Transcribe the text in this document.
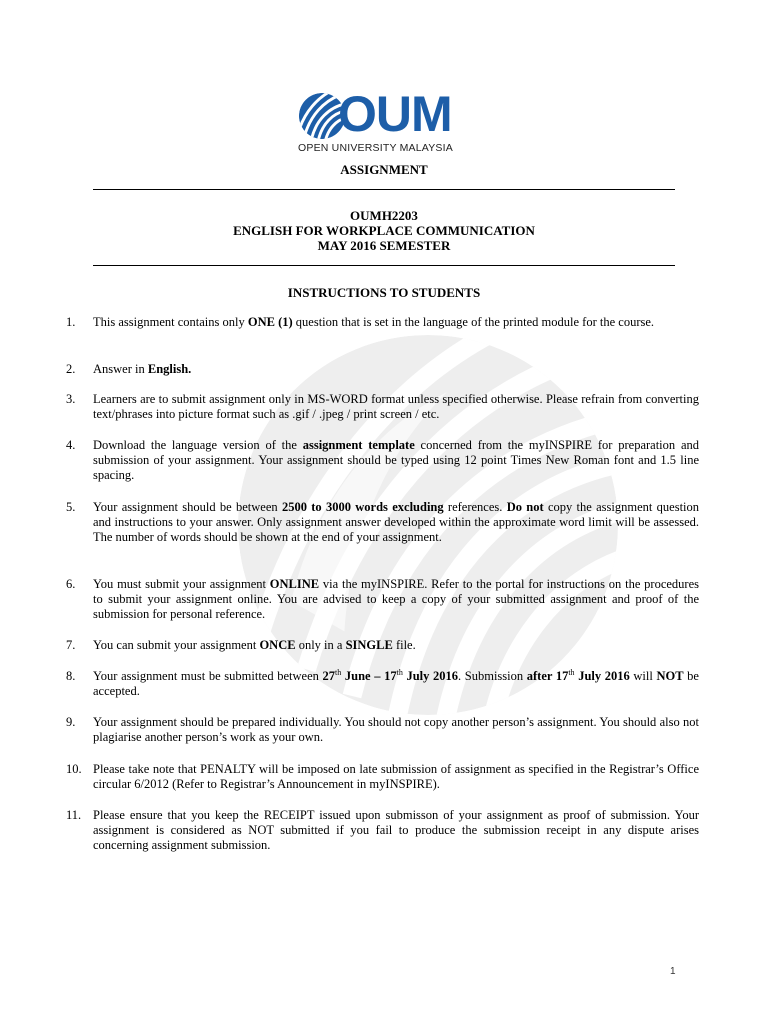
OUM
OPEN UNIVERSITY MALAYSIA
ASSIGNMENT
OUMH2203
ENGLISH FOR WORKPLACE COMMUNICATION
MAY 2016 SEMESTER
INSTRUCTIONS TO STUDENTS
1.	This assignment contains only ONE (1) question that is set in the language of the printed module for the course.
2.	Answer in English.
3.	Learners are to submit assignment only in MS-WORD format unless specified otherwise. Please refrain from converting text/phrases into picture format such as .gif / .jpeg / print screen / etc.
4.	Download the language version of the assignment template concerned from the myINSPIRE for preparation and submission of your assignment. Your assignment should be typed using 12 point Times New Roman font and 1.5 line spacing.
5.	Your assignment should be between 2500 to 3000 words excluding references. Do not copy the assignment question and instructions to your answer. Only assignment answer developed within the approximate word limit will be assessed. The number of words should be shown at the end of your assignment.
6.	You must submit your assignment ONLINE via the myINSPIRE. Refer to the portal for instructions on the procedures to submit your assignment online. You are advised to keep a copy of your submitted assignment and proof of the submission for personal reference.
7.	You can submit your assignment ONCE only in a SINGLE file.
8.	Your assignment must be submitted between 27th June – 17th July 2016. Submission after 17th July 2016 will NOT be accepted.
9.	Your assignment should be prepared individually. You should not copy another person’s assignment. You should also not plagiarise another person’s work as your own.
10. Please take note that PENALTY will be imposed on late submission of assignment as specified in the Registrar’s Office circular 6/2012 (Refer to Registrar’s Announcement in myINSPIRE).
11. Please ensure that you keep the RECEIPT issued upon submisson of your assignment as proof of submission. Your assignment is considered as NOT submitted if you fail to produce the submission receipt in any dispute arises concerning assignment submission.
1
